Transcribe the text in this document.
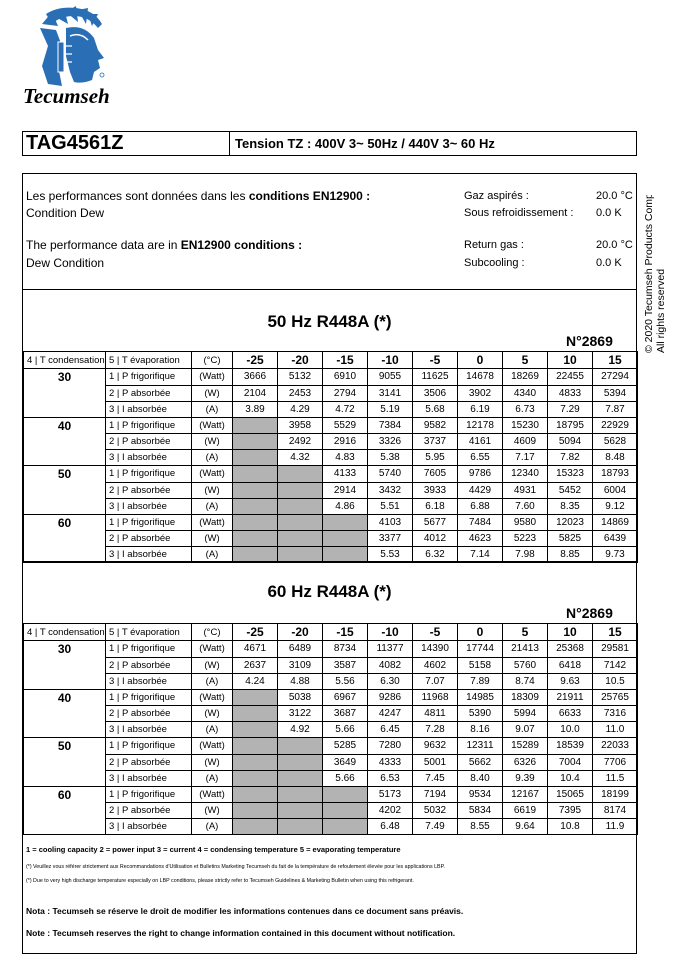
Tecumseh
TAG4561Z	Tension TZ : 400V 3~ 50Hz / 440V 3~ 60 Hz
© 2020 Tecumseh Products Company All rights reserved
Les performances sont données dans les conditions EN12900 :
Condition Dew
The performance data are in EN12900 conditions :
Dew Condition
Gaz aspirés :	20.0 °C
Sous refroidissement : 0.0 K
Return gas :	20.0 °C
Subcooling :	0.0 K
50 Hz R448A (*)
N°2869
4 | T condensation	5 | T évaporation	(°C)	-25	-20	-15	-10	-5	0	5	10	15
30	1 | P frigorifique	(Watt)	3666	5132	6910	9055	11625	14678	18269	22455	27294
	2 | P absorbée	(W)	2104	2453	2794	3141	3506	3902	4340	4833	5394
	3 | I absorbée	(A)	3.89	4.29	4.72	5.19	5.68	6.19	6.73	7.29	7.87
40	1 | P frigorifique	(Watt)		3958	5529	7384	9582	12178	15230	18795	22929
	2 | P absorbée	(W)		2492	2916	3326	3737	4161	4609	5094	5628
	3 | I absorbée	(A)		4.32	4.83	5.38	5.95	6.55	7.17	7.82	8.48
50	1 | P frigorifique	(Watt)			4133	5740	7605	9786	12340	15323	18793
	2 | P absorbée	(W)			2914	3432	3933	4429	4931	5452	6004
	3 | I absorbée	(A)			4.86	5.51	6.18	6.88	7.60	8.35	9.12
60	1 | P frigorifique	(Watt)				4103	5677	7484	9580	12023	14869
	2 | P absorbée	(W)				3377	4012	4623	5223	5825	6439
	3 | I absorbée	(A)				5.53	6.32	7.14	7.98	8.85	9.73
60 Hz R448A (*)
N°2869
4 | T condensation	5 | T évaporation	(°C)	-25	-20	-15	-10	-5	0	5	10	15
30	1 | P frigorifique	(Watt)	4671	6489	8734	11377	14390	17744	21413	25368	29581
	2 | P absorbée	(W)	2637	3109	3587	4082	4602	5158	5760	6418	7142
	3 | I absorbée	(A)	4.24	4.88	5.56	6.30	7.07	7.89	8.74	9.63	10.5
40	1 | P frigorifique	(Watt)		5038	6967	9286	11968	14985	18309	21911	25765
	2 | P absorbée	(W)		3122	3687	4247	4811	5390	5994	6633	7316
	3 | I absorbée	(A)		4.92	5.66	6.45	7.28	8.16	9.07	10.0	11.0
50	1 | P frigorifique	(Watt)			5285	7280	9632	12311	15289	18539	22033
	2 | P absorbée	(W)			3649	4333	5001	5662	6326	7004	7706
	3 | I absorbée	(A)			5.66	6.53	7.45	8.40	9.39	10.4	11.5
60	1 | P frigorifique	(Watt)				5173	7194	9534	12167	15065	18199
	2 | P absorbée	(W)				4202	5032	5834	6619	7395	8174
	3 | I absorbée	(A)				6.48	7.49	8.55	9.64	10.8	11.9
1 = cooling capacity 2 = power input 3 = current 4 = condensing temperature 5 = evaporating temperature
(*) Veuillez vous référer strictement aux Recommandations d'Utilisation et Bulletins Marketing Tecumseh du fait de la température de refoulement élevée pour les applications LBP.
(*) Due to very high discharge temperature especially on LBP conditions, please strictly refer to Tecumseh Guidelines & Marketing Bulletin when using this refrigerant.
Nota : Tecumseh se réserve le droit de modifier les informations contenues dans ce document sans préavis.
Note : Tecumseh reserves the right to change information contained in this document without notification.
